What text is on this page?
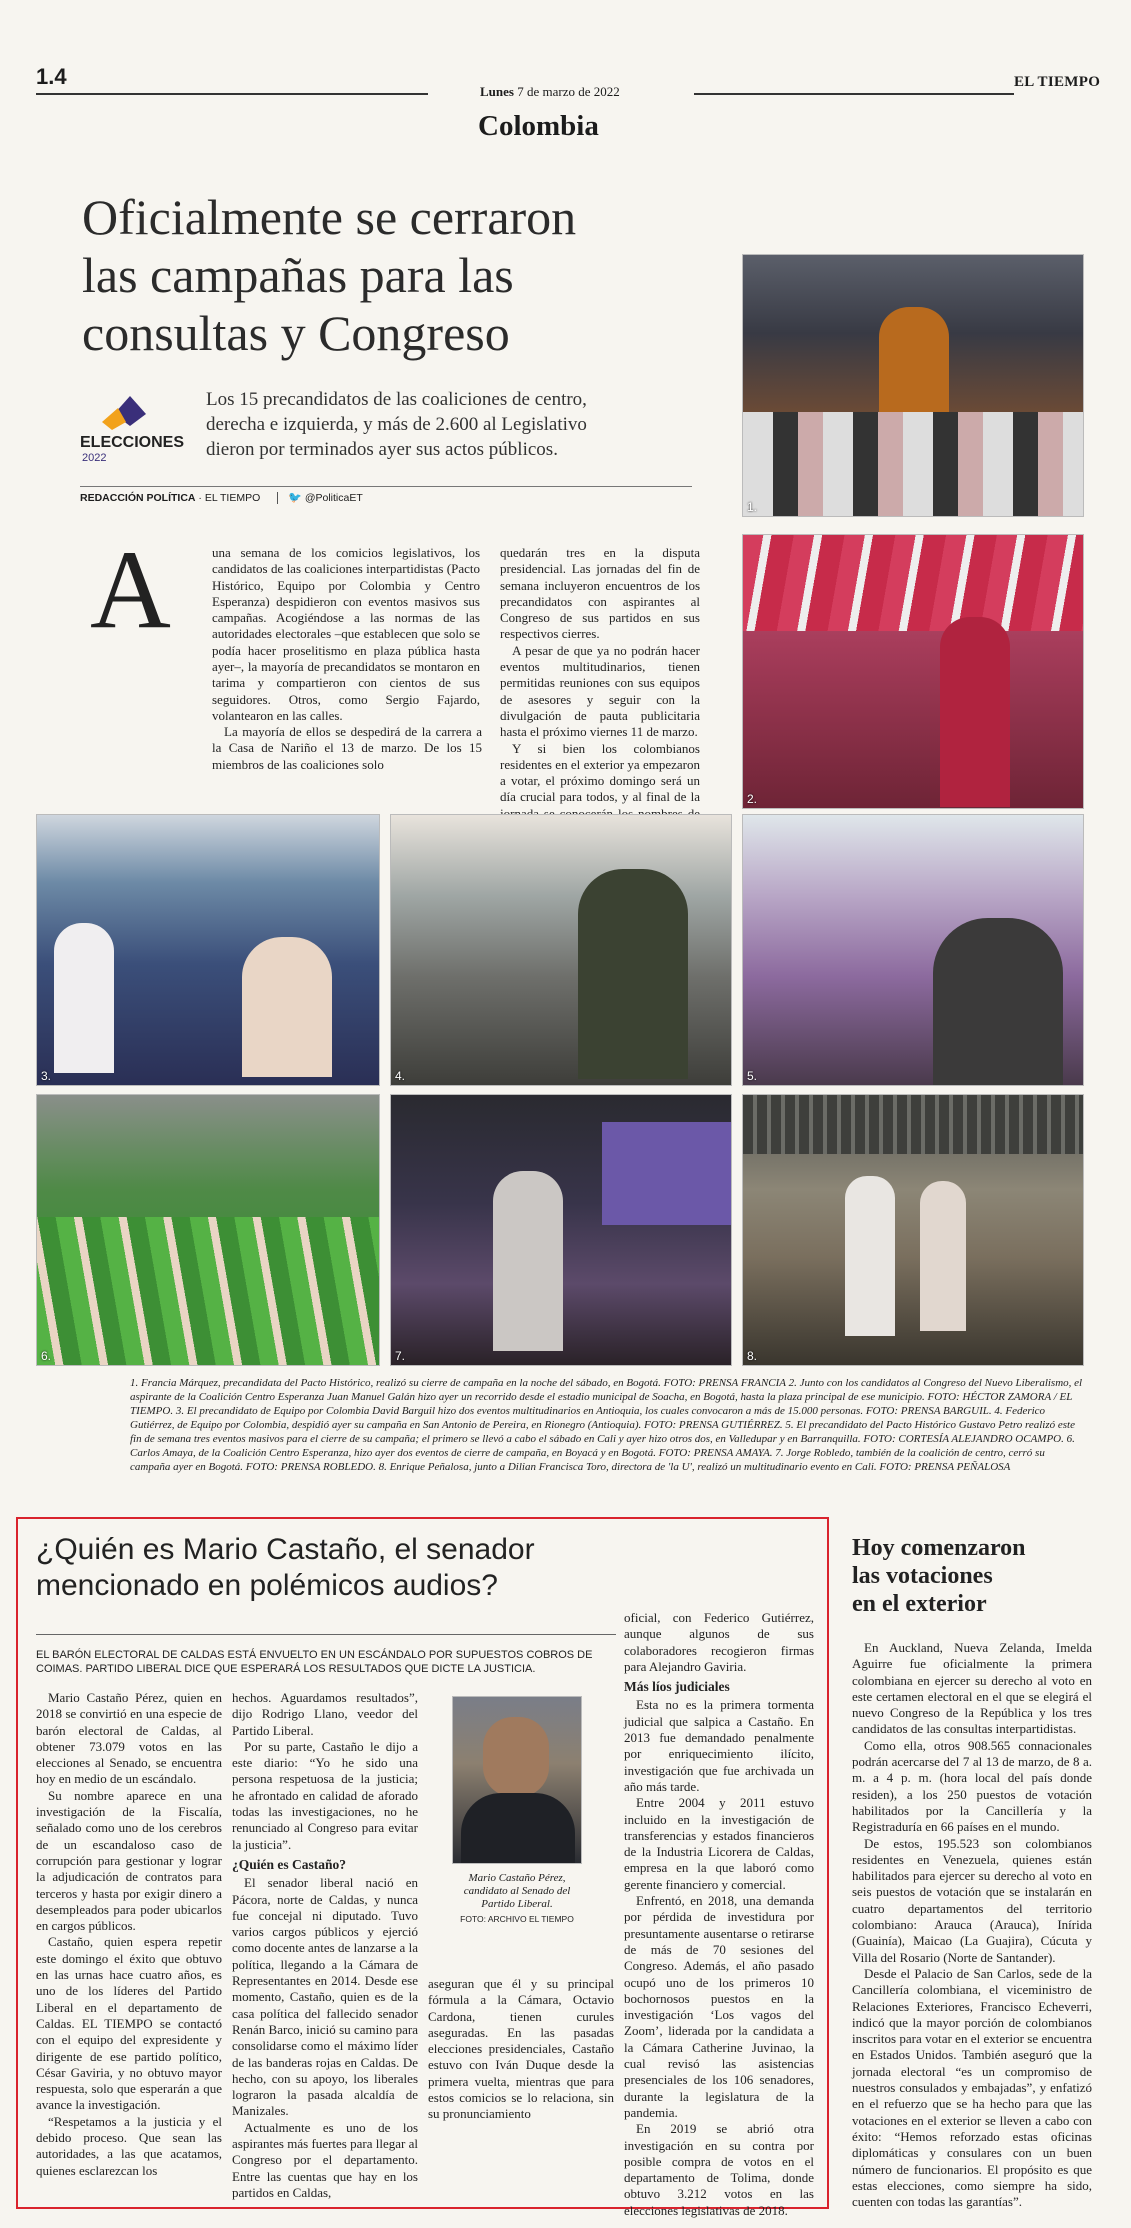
1.4
Lunes 7 de marzo de 2022
Colombia
EL TIEMPO
Oficialmente se cerraron
las campañas para las
consultas y Congreso
ELECCIONES
2022
Los 15 precandidatos de las coaliciones de centro,
derecha e izquierda, y más de 2.600 al Legislativo
dieron por terminados ayer sus actos públicos.
REDACCIÓN POLÍTICA · EL TIEMPO	🐦 @PoliticaET
A	una semana de los comicios legislativos, los candidatos de las coaliciones interpartidistas (Pacto Histórico, Equipo por Colombia y Centro Esperanza) despidieron con eventos masivos sus campañas. Acogiéndose a las normas de las autoridades electorales –que establecen que solo se podía hacer proselitismo en plaza pública hasta ayer–, la mayoría de precandidatos se montaron en tarima y compartieron con cientos de sus seguidores. Otros, como Sergio Fajardo, volantearon en las calles.

La mayoría de ellos se despedirá de la carrera a la Casa de Nariño el 13 de marzo. De los 15 miembros de las coaliciones solo

quedarán tres en la disputa presidencial. Las jornadas del fin de semana incluyeron encuentros de los precandidatos con aspirantes al Congreso de sus partidos en sus respectivos cierres.

A pesar de que ya no podrán hacer eventos multitudinarios, tienen permitidas reuniones con sus equipos de asesores y seguir con la divulgación de pauta publicitaria hasta el próximo viernes 11 de marzo.

Y si bien los colombianos residentes en el exterior ya empezaron a votar, el próximo domingo será un día crucial para todos, y al final de la

1.
2.
3.	4.	5.
6.	7.	8.
1. Francia Márquez, precandidata del Pacto Histórico, realizó su cierre de campaña en la noche del sábado, en Bogotá. FOTO: PRENSA FRANCIA 2. Junto con los candidatos al Congreso del Nuevo Liberalismo, el aspirante de la Coalición Centro Esperanza Juan Manuel Galán hizo ayer un recorrido desde el estadio municipal de Soacha, en Bogotá, hasta la plaza principal de ese municipio. FOTO: HÉCTOR ZAMORA / EL TIEMPO. 3. El precandidato de Equipo por Colombia David Barguil hizo dos eventos multitudinarios en Antioquia, los cuales convocaron a más de 15.000 personas. FOTO: PRENSA BARGUIL. 4. Federico Gutiérrez, de Equipo por Colombia, despidió ayer su campaña en San Antonio de Pereira, en Rionegro (Antioquia). FOTO: PRENSA GUTIÉRREZ. 5. El precandidato del Pacto Histórico Gustavo Petro realizó este fin de semana tres eventos masivos para el cierre de su campaña; el primero se llevó a cabo el sábado en Cali y ayer hizo otros dos, en Valledupar y en Barranquilla. FOTO: CORTESÍA ALEJANDRO OCAMPO. 6. Carlos Amaya, de la Coalición Centro Esperanza, hizo ayer dos eventos de cierre de campaña, en Boyacá y en Bogotá. FOTO: PRENSA AMAYA. 7. Jorge Robledo, también de la coalición de centro, cerró su campaña ayer en Bogotá. FOTO: PRENSA ROBLEDO. 8. Enrique Peñalosa, junto a Dilian Francisca Toro, directora de 'la U', realizó un multitudinario evento en Cali. FOTO: PRENSA PEÑALOSA
¿Quién es Mario Castaño, el senador
mencionado en polémicos audios?
EL BARÓN ELECTORAL DE CALDAS ESTÁ ENVUELTO EN UN ESCÁNDALO POR SUPUESTOS COBROS DE COIMAS. PARTIDO LIBERAL DICE QUE ESPERARÁ LOS RESULTADOS QUE DICTE LA JUSTICIA.

Mario Castaño Pérez, quien en 2018 se convirtió en una especie de barón electoral de Caldas, al obtener 73.079 votos en las elecciones al Senado, se encuentra hoy en medio de un escándalo.

Su nombre aparece en una investigación de la Fiscalía, señalado como uno de los cerebros de un escandaloso caso de corrupción para gestionar y lograr la adjudicación de contratos para terceros y hasta por exigir dinero a desempleados para poder ubicarlos en cargos públicos.

Castaño, quien espera repetir este domingo el éxito que obtuvo en las urnas hace cuatro años, es uno de los líderes del Partido Liberal en el departamento de Caldas. EL TIEMPO se contactó con el equipo del expresidente y dirigente de ese partido político, César Gaviria, y no obtuvo mayor respuesta, solo que esperarán a que avance la investigación.

“Respetamos a la justicia y el debido proceso. Que sean las autoridades, a las que acatamos, quienes esclarezcan los

hechos. Aguardamos resultados”, dijo Rodrigo Llano, veedor del Partido Liberal.

Por su parte, Castaño le dijo a este diario: “Yo he sido una persona respetuosa de la justicia; he afrontado en calidad de aforado todas las investigaciones, no he renunciado al Congreso para evitar la justicia”.

¿Quién es Castaño?

El senador liberal nació en Pácora, norte de Caldas, y nunca fue concejal ni diputado. Tuvo varios cargos públicos y ejerció como docente antes de lanzarse a la política, llegando a la Cámara de Representantes en 2014. Desde ese momento, Castaño, quien es de la casa política del fallecido senador Renán Barco, inició su camino para consolidarse como el máximo líder de las banderas rojas en Caldas. De hecho, con su apoyo, los liberales lograron la pasada alcaldía de Manizales.

Actualmente es uno de los aspirantes más fuertes para llegar al Congreso por el departamento. Entre las cuentas que hay en los partidos en Caldas,

Mario Castaño Pérez, candidato al Senado del Partido Liberal.
FOTO: ARCHIVO EL TIEMPO

aseguran que él y su principal fórmula a la Cámara, Octavio Cardona, tienen curules aseguradas. En las pasadas elecciones presidenciales, Castaño estuvo con Iván Duque desde la primera vuelta, mientras que para estos comicios se lo relaciona, sin su pronunciamiento

oficial, con Federico Gutiérrez, aunque algunos de sus colaboradores recogieron firmas para Alejandro Gaviria.

Más líos judiciales

Esta no es la primera tormenta judicial que salpica a Castaño. En 2013 fue demandado penalmente por enriquecimiento ilícito, investigación que fue archivada un año más tarde.

Entre 2004 y 2011 estuvo incluido en la investigación de transferencias y estados financieros de la Industria Licorera de Caldas, empresa en la que laboró como gerente financiero y comercial.

Enfrentó, en 2018, una demanda por pérdida de investidura por presuntamente ausentarse o retirarse de más de 70 sesiones del Congreso. Además, el año pasado ocupó uno de los primeros 10 bochornosos puestos en la investigación ‘Los vagos del Zoom’, liderada por la candidata a la Cámara Catherine Juvinao, la cual revisó las asistencias presenciales de los 106 senadores, durante la legislatura de la pandemia.

En 2019 se abrió otra investigación en su contra por posible compra de votos en el departamento de Tolima, donde obtuvo 3.212 votos en las elecciones legislativas de 2018.

Hoy comenzaron
las votaciones
en el exterior

En Auckland, Nueva Zelanda, Imelda Aguirre fue oficialmente la primera colombiana en ejercer su derecho al voto en este certamen electoral en el que se elegirá el nuevo Congreso de la República y los tres candidatos de las consultas interpartidistas.

Como ella, otros 908.565 connacionales podrán acercarse del 7 al 13 de marzo, de 8 a. m. a 4 p. m. (hora local del país donde residen), a los 250 puestos de votación habilitados por la Cancillería y la Registraduría en 66 países en el mundo.

De estos, 195.523 son colombianos residentes en Venezuela, quienes están habilitados para ejercer su derecho al voto en seis puestos de votación que se instalarán en cuatro departamentos del territorio colombiano: Arauca (Arauca), Inírida (Guainía), Maicao (La Guajira), Cúcuta y Villa del Rosario (Norte de Santander).

Desde el Palacio de San Carlos, sede de la Cancillería colombiana, el viceministro de Relaciones Exteriores, Francisco Echeverri, indicó que la mayor porción de colombianos inscritos para votar en el exterior se encuentra en Estados Unidos. También aseguró que la jornada electoral “es un compromiso de nuestros consulados y embajadas”, y enfatizó en el refuerzo que se ha hecho para que las votaciones en el exterior se lleven a cabo con éxito: “Hemos reforzado estas oficinas diplomáticas y consulares con un buen número de funcionarios. El propósito es que estas elecciones, como siempre ha sido, cuenten con todas las garantías”.
